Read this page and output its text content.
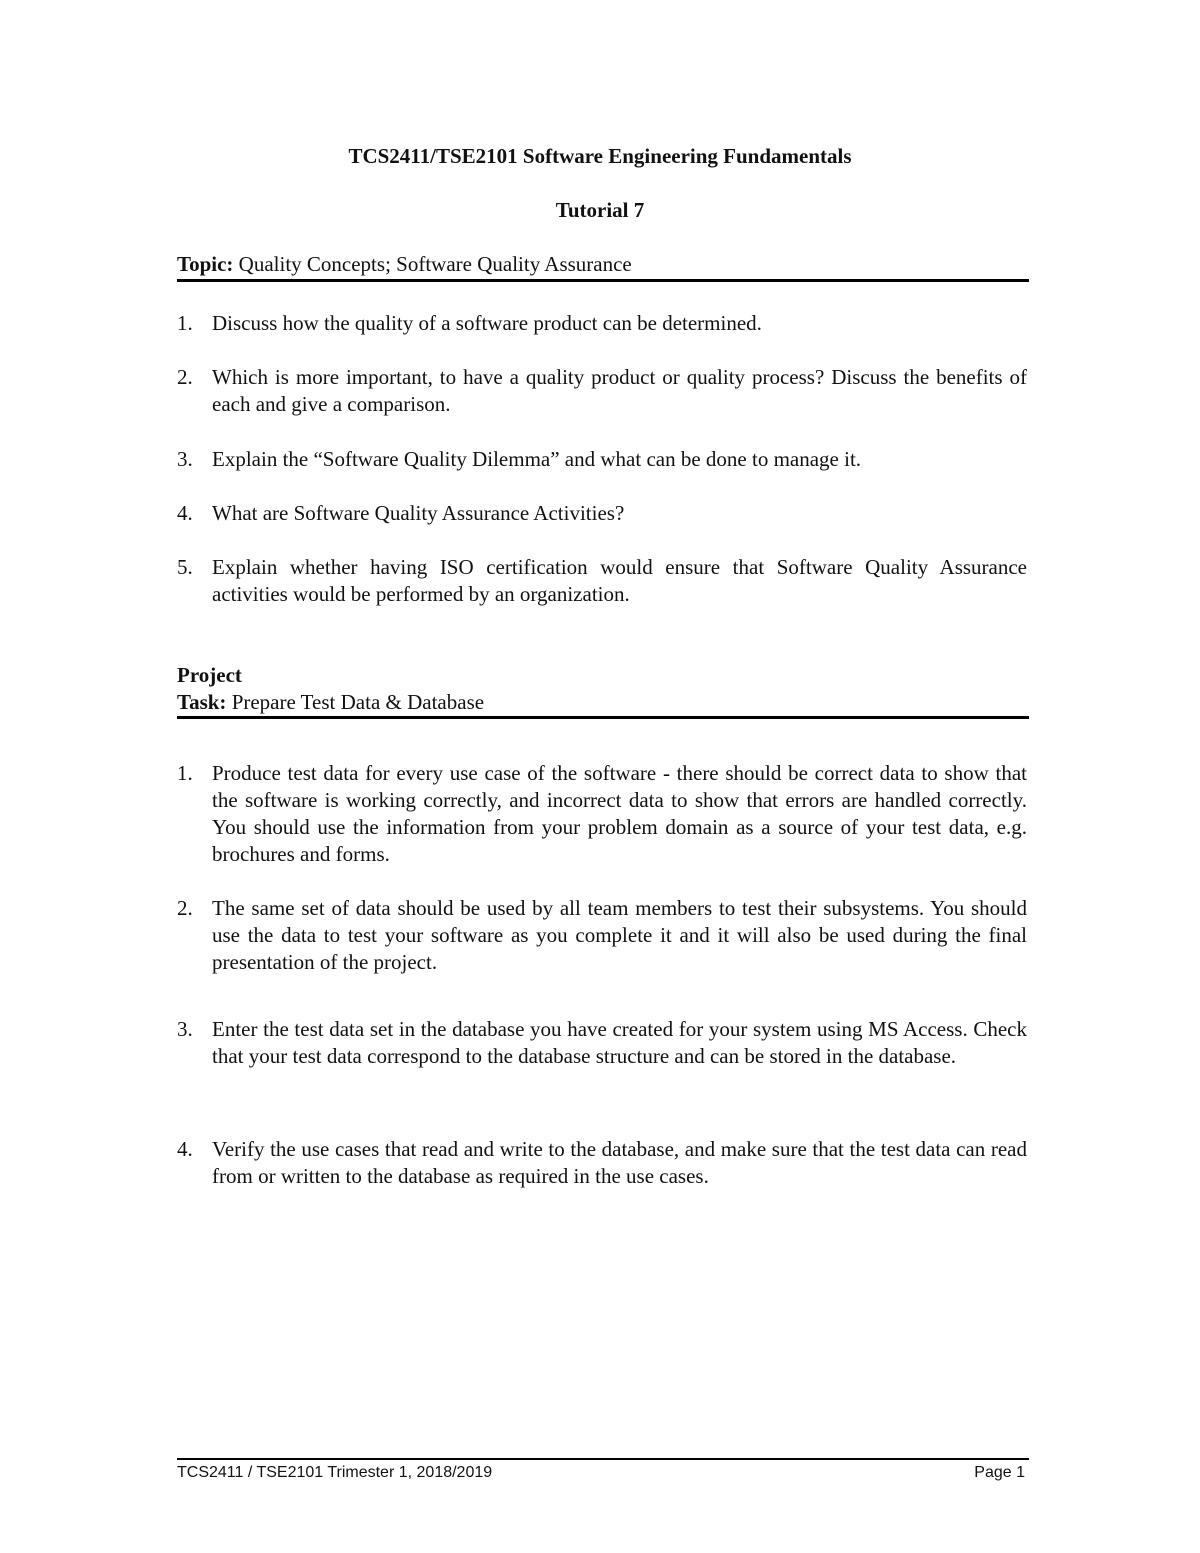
TCS2411/TSE2101 Software Engineering Fundamentals
Tutorial 7
Topic: Quality Concepts; Software Quality Assurance
1. Discuss how the quality of a software product can be determined.
2. Which is more important, to have a quality product or quality process? Discuss the benefits of each and give a comparison.
3. Explain the “Software Quality Dilemma” and what can be done to manage it.
4. What are Software Quality Assurance Activities?
5. Explain whether having ISO certification would ensure that Software Quality Assurance activities would be performed by an organization.
Project
Task: Prepare Test Data & Database
1. Produce test data for every use case of the software - there should be correct data to show that the software is working correctly, and incorrect data to show that errors are handled correctly. You should use the information from your problem domain as a source of your test data, e.g. brochures and forms.
2. The same set of data should be used by all team members to test their subsystems. You should use the data to test your software as you complete it and it will also be used during the final presentation of the project.
3. Enter the test data set in the database you have created for your system using MS Access. Check that your test data correspond to the database structure and can be stored in the database.
4. Verify the use cases that read and write to the database, and make sure that the test data can read from or written to the database as required in the use cases.
TCS2411 / TSE2101 Trimester 1, 2018/2019	Page 1
